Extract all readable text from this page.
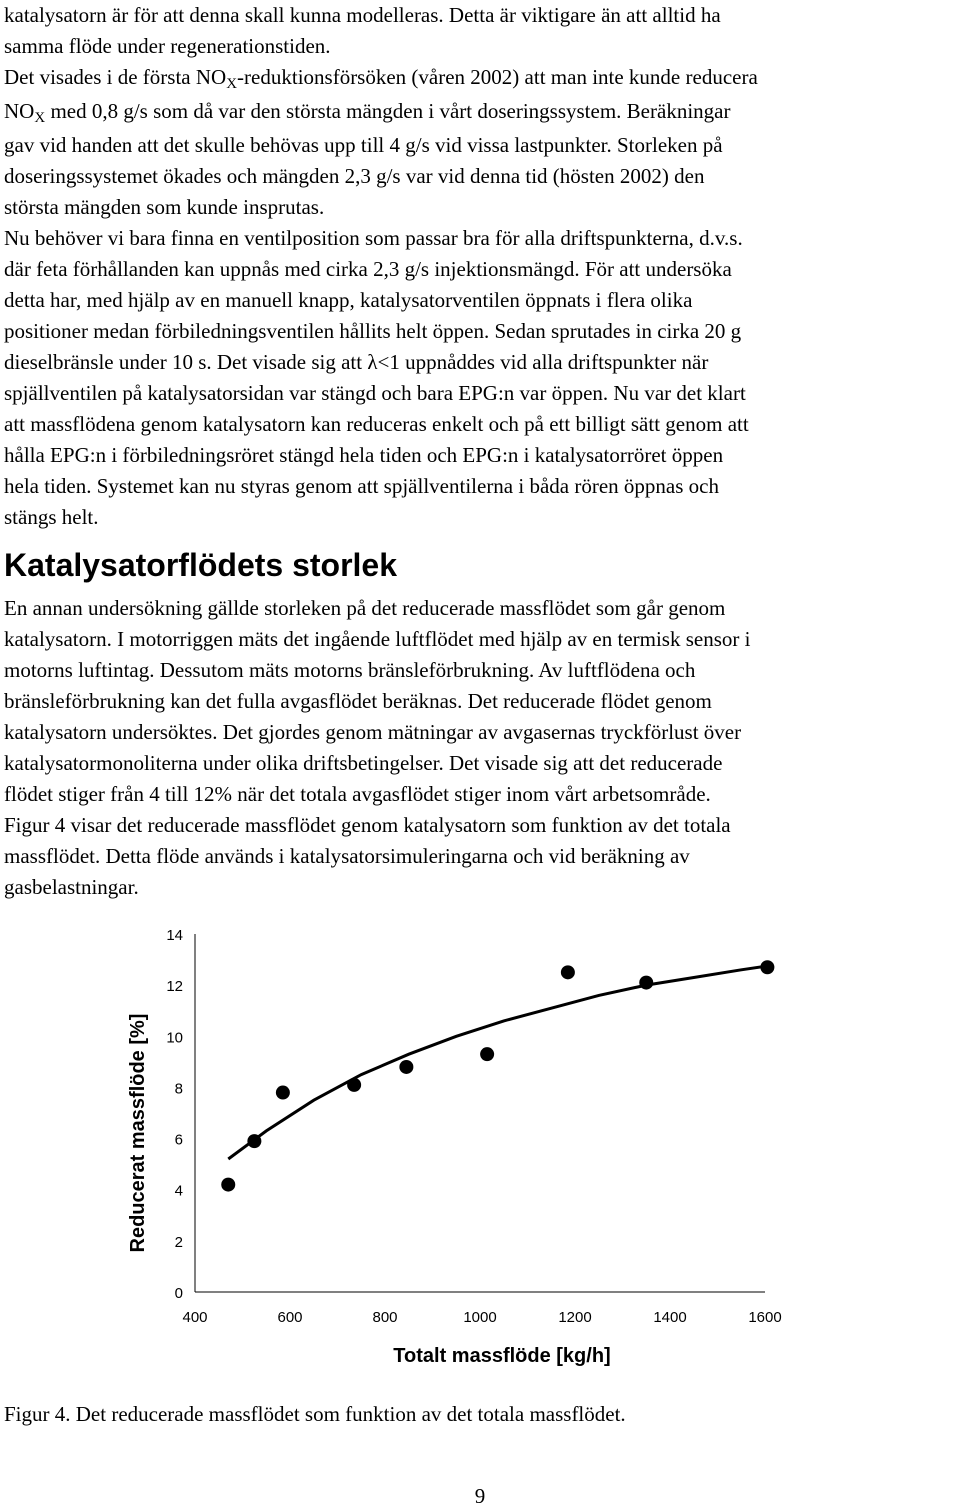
katalysatorn är för att denna skall kunna modelleras. Detta är viktigare än att alltid ha
samma flöde under regenerationstiden.
Det visades i de första NOX-reduktionsförsöken (våren 2002) att man inte kunde reducera
NOX med 0,8 g/s som då var den största mängden i vårt doseringssystem. Beräkningar
gav vid handen att det skulle behövas upp till 4 g/s vid vissa lastpunkter. Storleken på
doseringssystemet ökades och mängden 2,3 g/s var vid denna tid (hösten 2002) den
största mängden som kunde insprutas.
Nu behöver vi bara finna en ventilposition som passar bra för alla driftspunkterna, d.v.s.
där feta förhållanden kan uppnås med cirka 2,3 g/s injektionsmängd. För att undersöka
detta har, med hjälp av en manuell knapp, katalysatorventilen öppnats i flera olika
positioner medan förbiledningsventilen hållits helt öppen. Sedan sprutades in cirka 20 g
dieselbränsle under 10 s. Det visade sig att λ<1 uppnåddes vid alla driftspunkter när
spjällventilen på katalysatorsidan var stängd och bara EPG:n var öppen. Nu var det klart
att massflödena genom katalysatorn kan reduceras enkelt och på ett billigt sätt genom att
hålla EPG:n i förbiledningsröret stängd hela tiden och EPG:n i katalysatorröret öppen
hela tiden. Systemet kan nu styras genom att spjällventilerna i båda rören öppnas och
stängs helt.
Katalysatorflödets storlek
En annan undersökning gällde storleken på det reducerade massflödet som går genom
katalysatorn. I motorriggen mäts det ingående luftflödet med hjälp av en termisk sensor i
motorns luftintag. Dessutom mäts motorns bränsleförbrukning. Av luftflödena och
bränsleförbrukning kan det fulla avgasflödet beräknas. Det reducerade flödet genom
katalysatorn undersöktes. Det gjordes genom mätningar av avgasernas tryckförlust över
katalysatormonoliterna under olika driftsbetingelser. Det visade sig att det reducerade
flödet stiger från 4 till 12% när det totala avgasflödet stiger inom vårt arbetsområde.
Figur 4 visar det reducerade massflödet genom katalysatorn som funktion av det totala
massflödet. Detta flöde används i katalysatorsimuleringarna och vid beräkning av
gasbelastningar.
0
2
4
6
8
10
12
14
400	600	800	1000	1200	1400	1600
Reducerat massflöde [%]
Totalt massflöde [kg/h]
Figur 4. Det reducerade massflödet som funktion av det totala massflödet.
9
